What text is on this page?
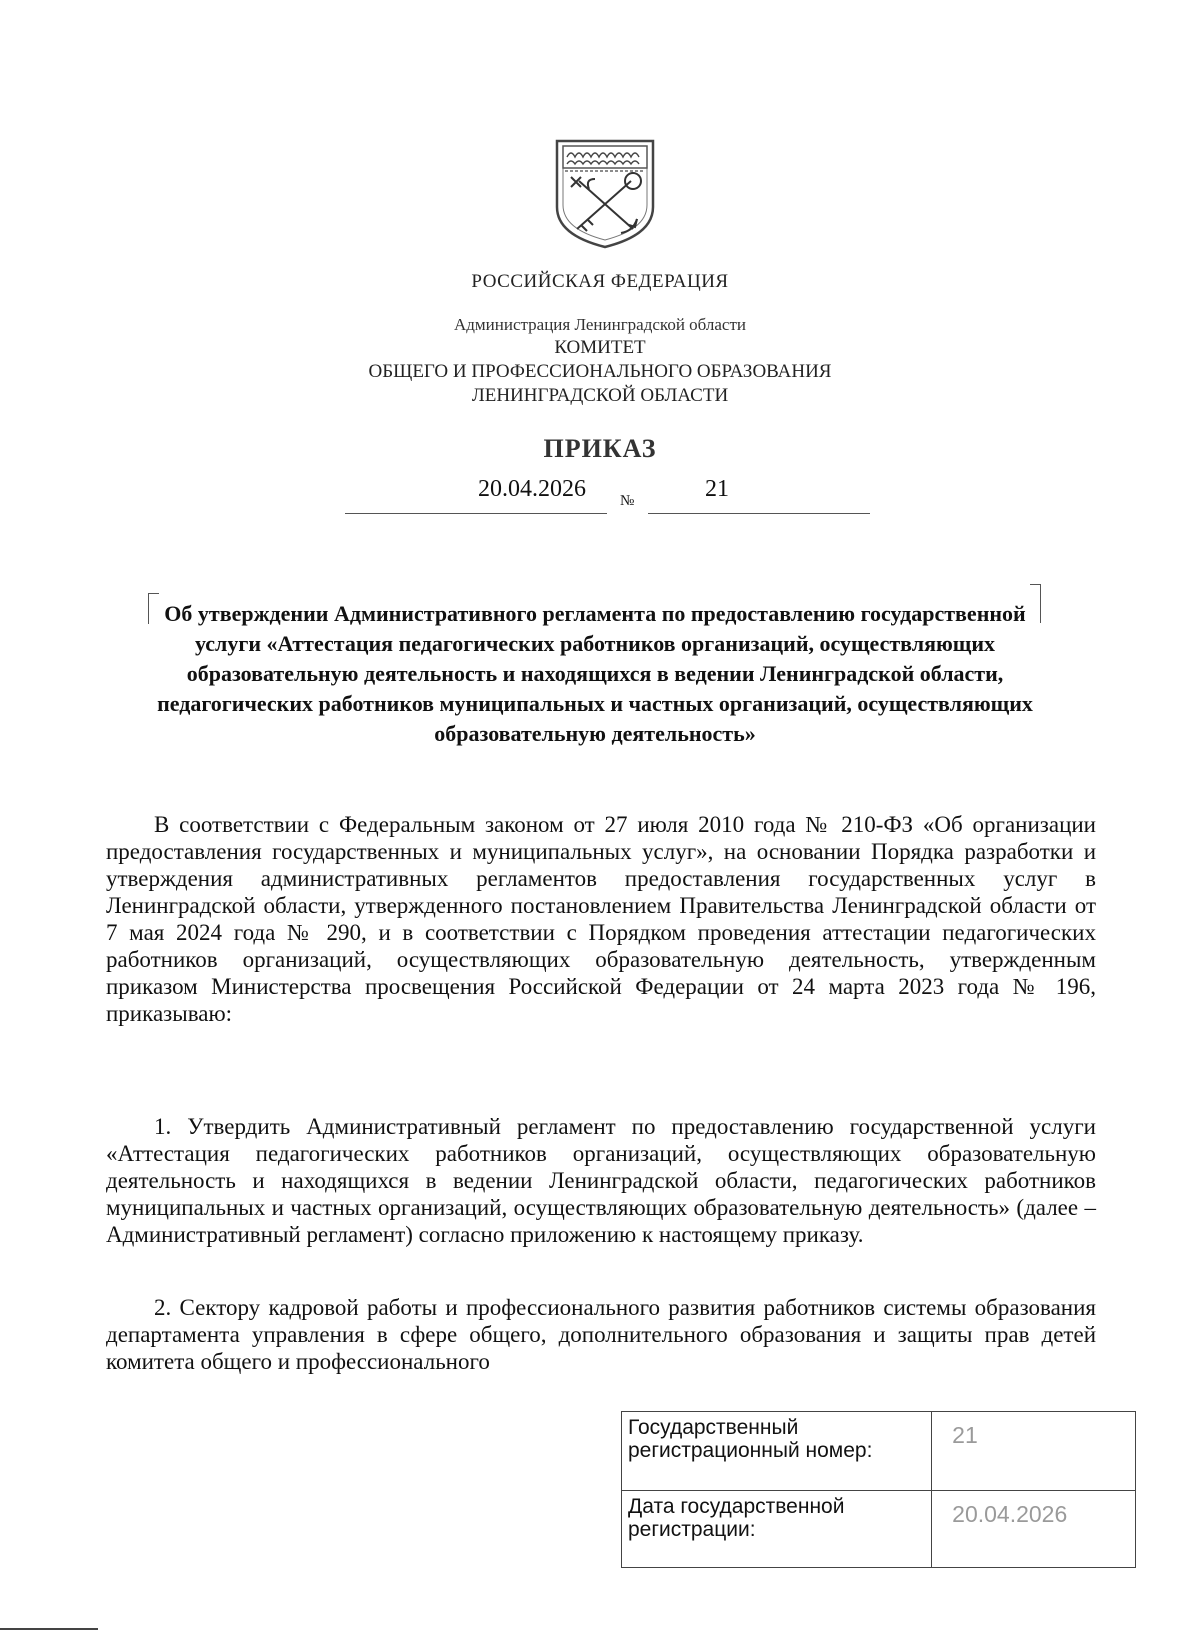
РОССИЙСКАЯ ФЕДЕРАЦИЯ
Администрация Ленинградской области
КОМИТЕТ
ОБЩЕГО И ПРОФЕССИОНАЛЬНОГО ОБРАЗОВАНИЯ
ЛЕНИНГРАДСКОЙ ОБЛАСТИ
ПРИКАЗ
20.04.2026 №	21
Об утверждении Административного регламента по предоставлению государственной услуги «Аттестация педагогических работников организаций, осуществляющих образовательную деятельность и находящихся в ведении Ленинградской области, педагогических работников муниципальных и частных организаций, осуществляющих образовательную деятельность»
В соответствии с Федеральным законом от 27 июля 2010 года № 210-ФЗ «Об организации предоставления государственных и муниципальных услуг», на основании Порядка разработки и утверждения административных регламентов предоставления государственных услуг в Ленинградской области, утвержденного постановлением Правительства Ленинградской области от 7 мая 2024 года № 290, и в соответствии с Порядком проведения аттестации педагогических работников организаций, осуществляющих образовательную деятельность, утвержденным приказом Министерства просвещения Российской Федерации от 24 марта 2023 года № 196, приказываю:
1. Утвердить Административный регламент по предоставлению государственной услуги «Аттестация педагогических работников организаций, осуществляющих образовательную деятельность и находящихся в ведении Ленинградской области, педагогических работников муниципальных и частных организаций, осуществляющих образовательную деятельность» (далее – Административный регламент) согласно приложению к настоящему приказу.
2. Сектору кадровой работы и профессионального развития работников системы образования департамента управления в сфере общего, дополнительного образования и защиты прав детей комитета общего и профессионального
Государственный регистрационный номер:	21
Дата государственной регистрации:	20.04.2026
